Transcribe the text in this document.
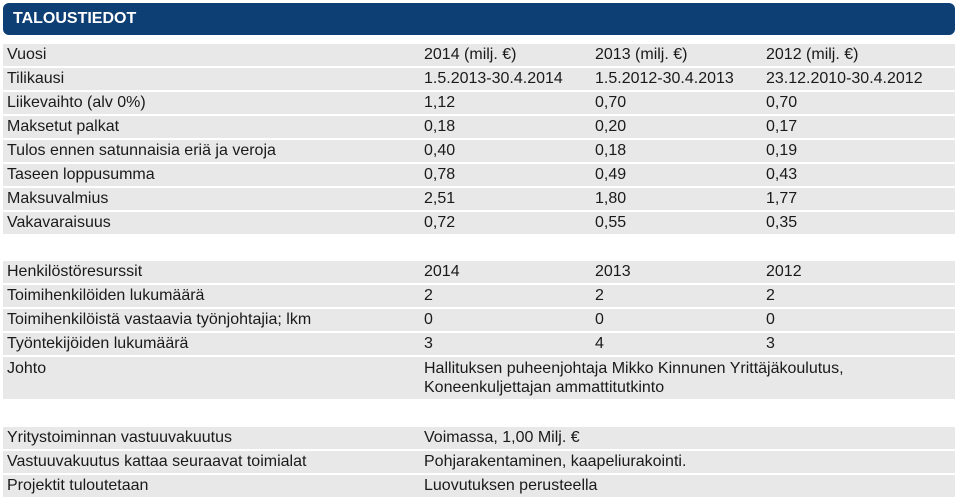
TALOUSTIEDOT
Vuosi	2014 (milj. €)	2013 (milj. €)	2012 (milj. €)
Tilikausi	1.5.2013-30.4.2014 1.5.2012-30.4.2013 23.12.2010-30.4.2012
Liikevaihto (alv 0%)	1,12	0,70	0,70
Maksetut palkat	0,18	0,20	0,17
Tulos ennen satunnaisia eriä ja veroja	0,40	0,18	0,19
Taseen loppusumma	0,78	0,49	0,43
Maksuvalmius	2,51	1,80	1,77
Vakavaraisuus	0,72	0,55	0,35
Henkilöstöresurssit	2014	2013	2012
Toimihenkilöiden lukumäärä	2	2	2
Toimihenkilöistä vastaavia työnjohtajia; lkm	0	0	0
Työntekijöiden lukumäärä	3	4	3
Johto	Hallituksen puheenjohtaja Mikko Kinnunen Yrittäjäkoulutus, Koneenkuljettajan ammattitutkinto
Yritystoiminnan vastuuvakuutus	Voimassa, 1,00 Milj. €
Vastuuvakuutus kattaa seuraavat toimialat	Pohjarakentaminen, kaapeliurakointi.
Projektit tuloutetaan	Luovutuksen perusteella
